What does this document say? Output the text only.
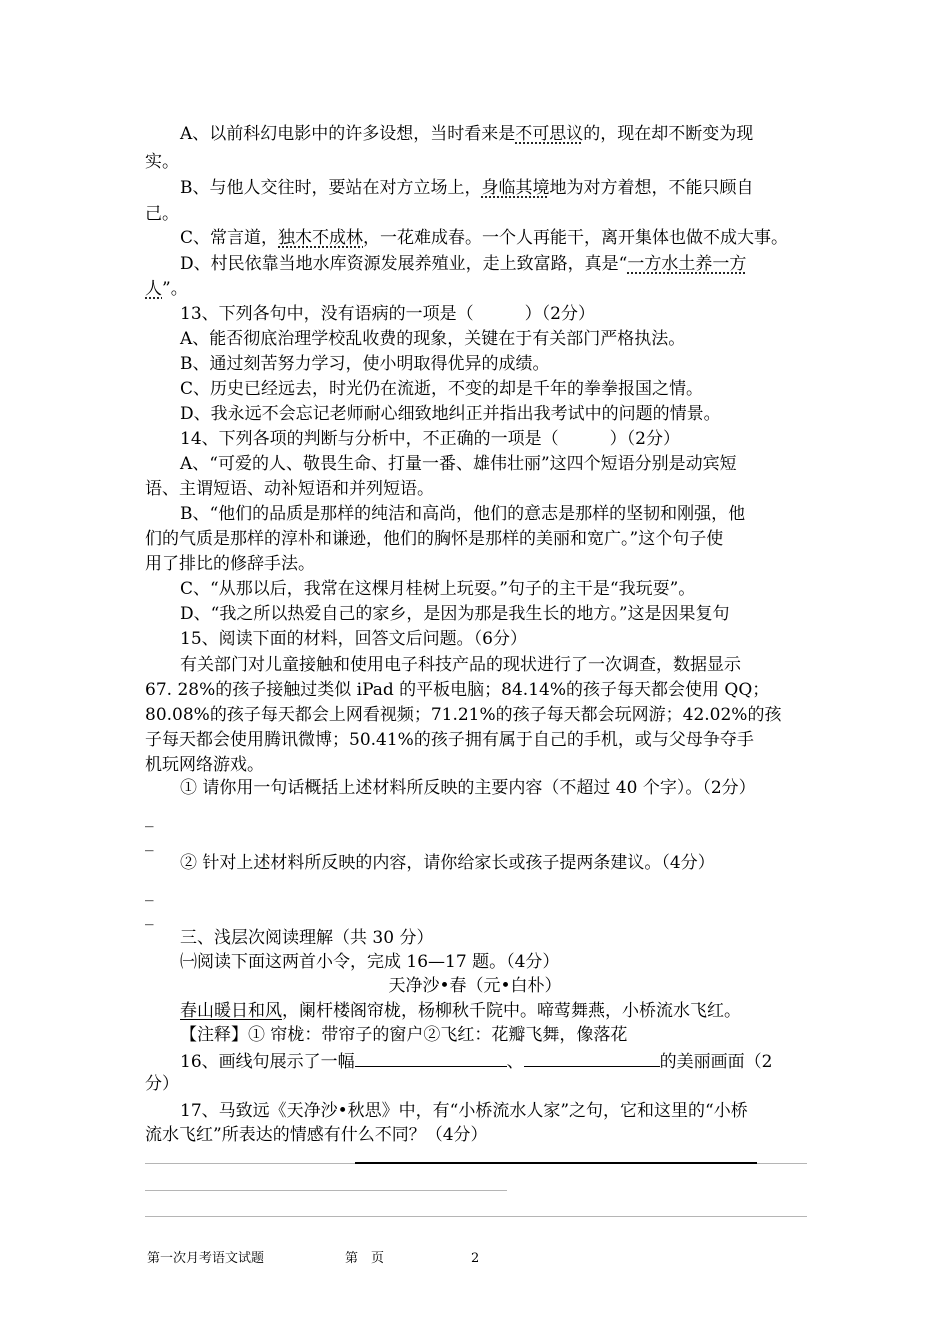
A、以前科幻电影中的许多设想，当时看来是不可思议的，现在却不断变为现
实。
B、与他人交往时，要站在对方立场上，身临其境地为对方着想，不能只顾自
己。
C、常言道，独木不成林，一花难成春。一个人再能干，离开集体也做不成大事。
D、村民依靠当地水库资源发展养殖业，走上致富路，真是“一方水土养一方
人”。
13、下列各句中，没有语病的一项是（　　　）（2分）
A、能否彻底治理学校乱收费的现象，关键在于有关部门严格执法。
B、通过刻苦努力学习，使小明取得优异的成绩。
C、历史已经远去，时光仍在流逝，不变的却是千年的拳拳报国之情。
D、我永远不会忘记老师耐心细致地纠正并指出我考试中的问题的情景。
14、下列各项的判断与分析中，不正确的一项是（　　　）（2分）
A、“可爱的人、敬畏生命、打量一番、雄伟壮丽”这四个短语分别是动宾短
语、主谓短语、动补短语和并列短语。
B、“他们的品质是那样的纯洁和高尚，他们的意志是那样的坚韧和刚强，他
们的气质是那样的淳朴和谦逊，他们的胸怀是那样的美丽和宽广。”这个句子使
用了排比的修辞手法。
C、“从那以后，我常在这棵月桂树上玩耍。”句子的主干是“我玩耍”。
D、“我之所以热爱自己的家乡，是因为那是我生长的地方。”这是因果复句
15、阅读下面的材料，回答文后问题。（6分）
有关部门对儿童接触和使用电子科技产品的现状进行了一次调查，数据显示
67. 28%的孩子接触过类似 iPad 的平板电脑；84.14%的孩子每天都会使用 QQ；
80.08%的孩子每天都会上网看视频；71.21%的孩子每天都会玩网游；42.02%的孩
子每天都会使用腾讯微博；50.41%的孩子拥有属于自己的手机，或与父母争夺手
机玩网络游戏。
① 请你用一句话概括上述材料所反映的主要内容（不超过 40 个字）。（2分）
_
_
② 针对上述材料所反映的内容，请你给家长或孩子提两条建议。（4分）
_
_
三、浅层次阅读理解（共 30 分）
㈠阅读下面这两首小令，完成 16—17 题。（4分）
天净沙•春（元•白朴）
春山暖日和风，阑杆楼阁帘栊，杨柳秋千院中。啼莺舞燕，小桥流水飞红。
【注释】① 帘栊：带帘子的窗户②飞红：花瓣飞舞，像落花
16、画线句展示了一幅	、	的美丽画面（2
分）
17、马致远《天净沙•秋思》中，有“小桥流水人家”之句，它和这里的“小桥
流水飞红”所表达的情感有什么不同？（4分）
第一次月考语文试题	第　页	2
